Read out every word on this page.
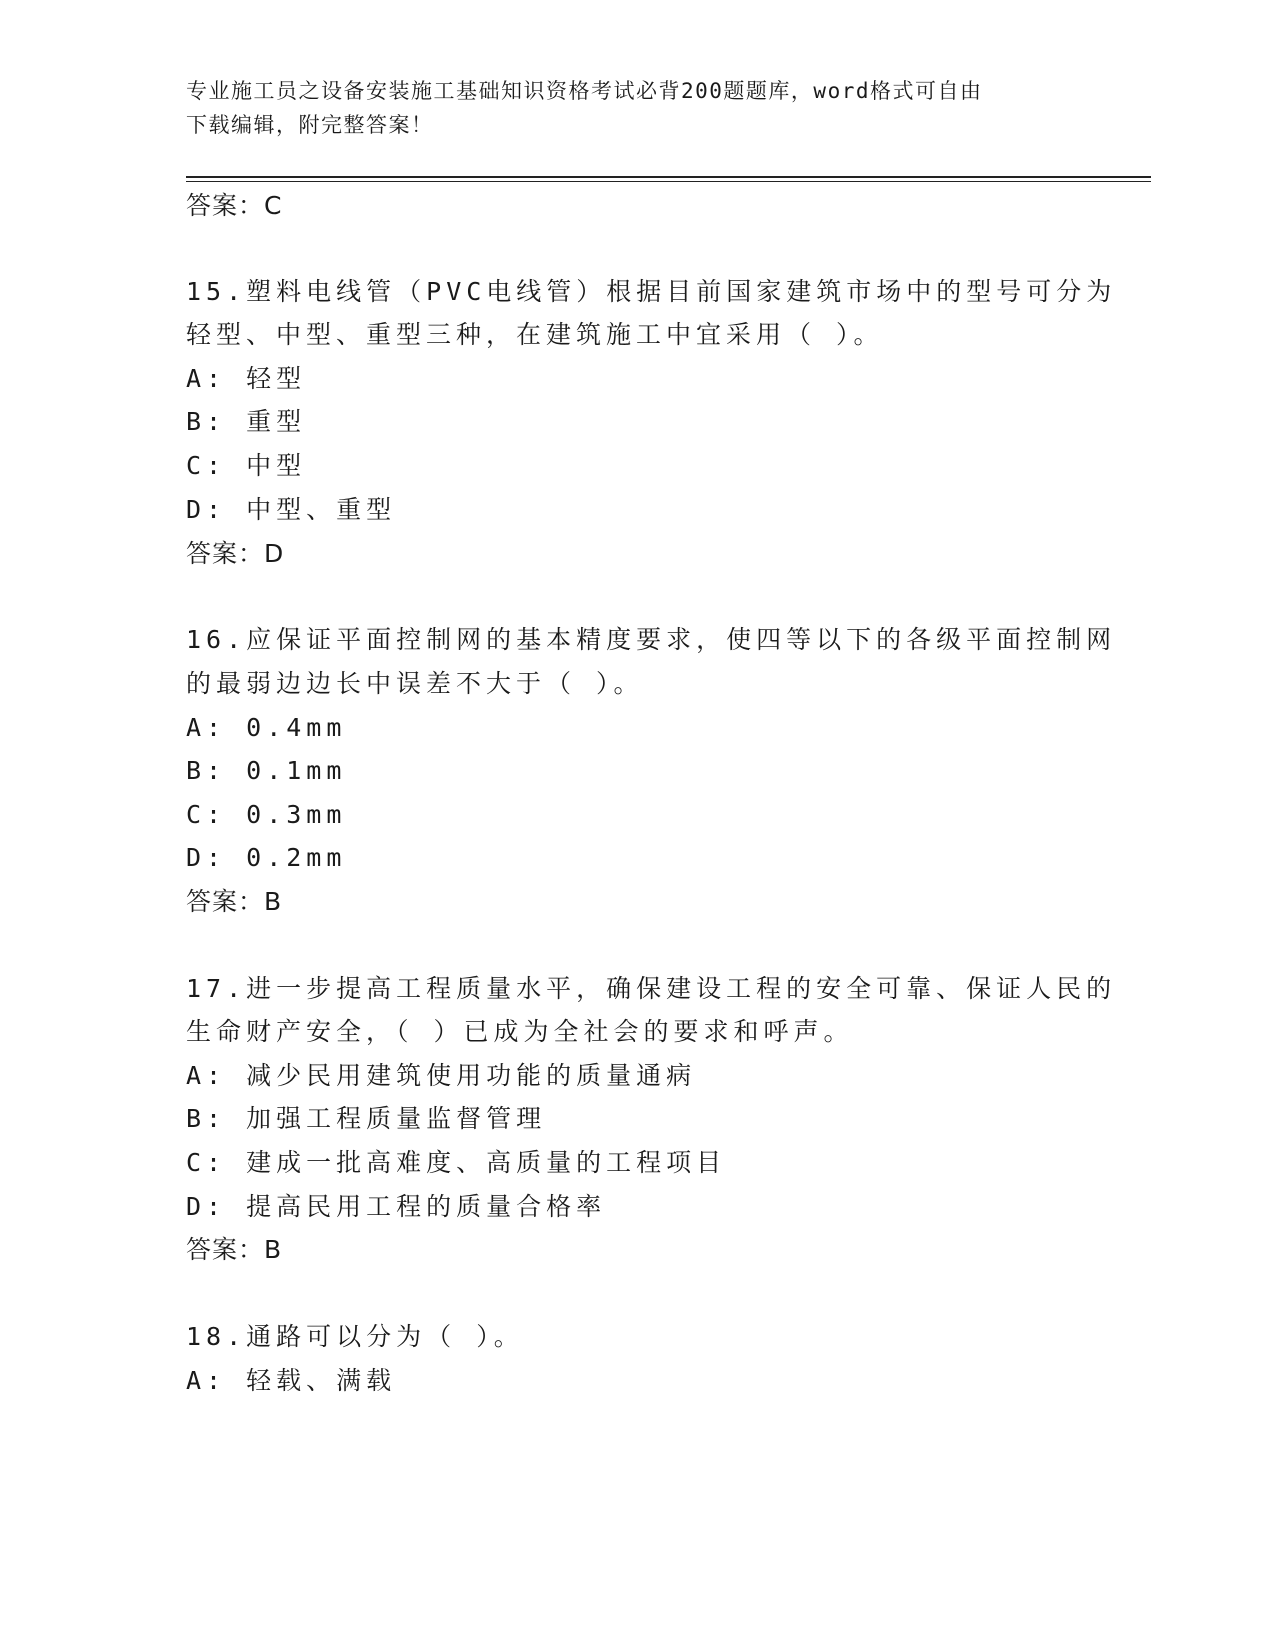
专业施工员之设备安装施工基础知识资格考试必背200题题库，word格式可自由
下载编辑，附完整答案！
答案：C
15.塑料电线管（PVC电线管）根据目前国家建筑市场中的型号可分为
轻型、中型、重型三种，在建筑施工中宜采用（ ）。
A: 轻型
B: 重型
C: 中型
D: 中型、重型
答案：D
16.应保证平面控制网的基本精度要求，使四等以下的各级平面控制网
的最弱边边长中误差不大于（ ）。
A: 0.4mm
B: 0.1mm
C: 0.3mm
D: 0.2mm
答案：B
17.进一步提高工程质量水平，确保建设工程的安全可靠、保证人民的
生命财产安全，（ ）已成为全社会的要求和呼声。
A: 减少民用建筑使用功能的质量通病
B: 加强工程质量监督管理
C: 建成一批高难度、高质量的工程项目
D: 提高民用工程的质量合格率
答案：B
18.通路可以分为（ ）。
A: 轻载、满载
